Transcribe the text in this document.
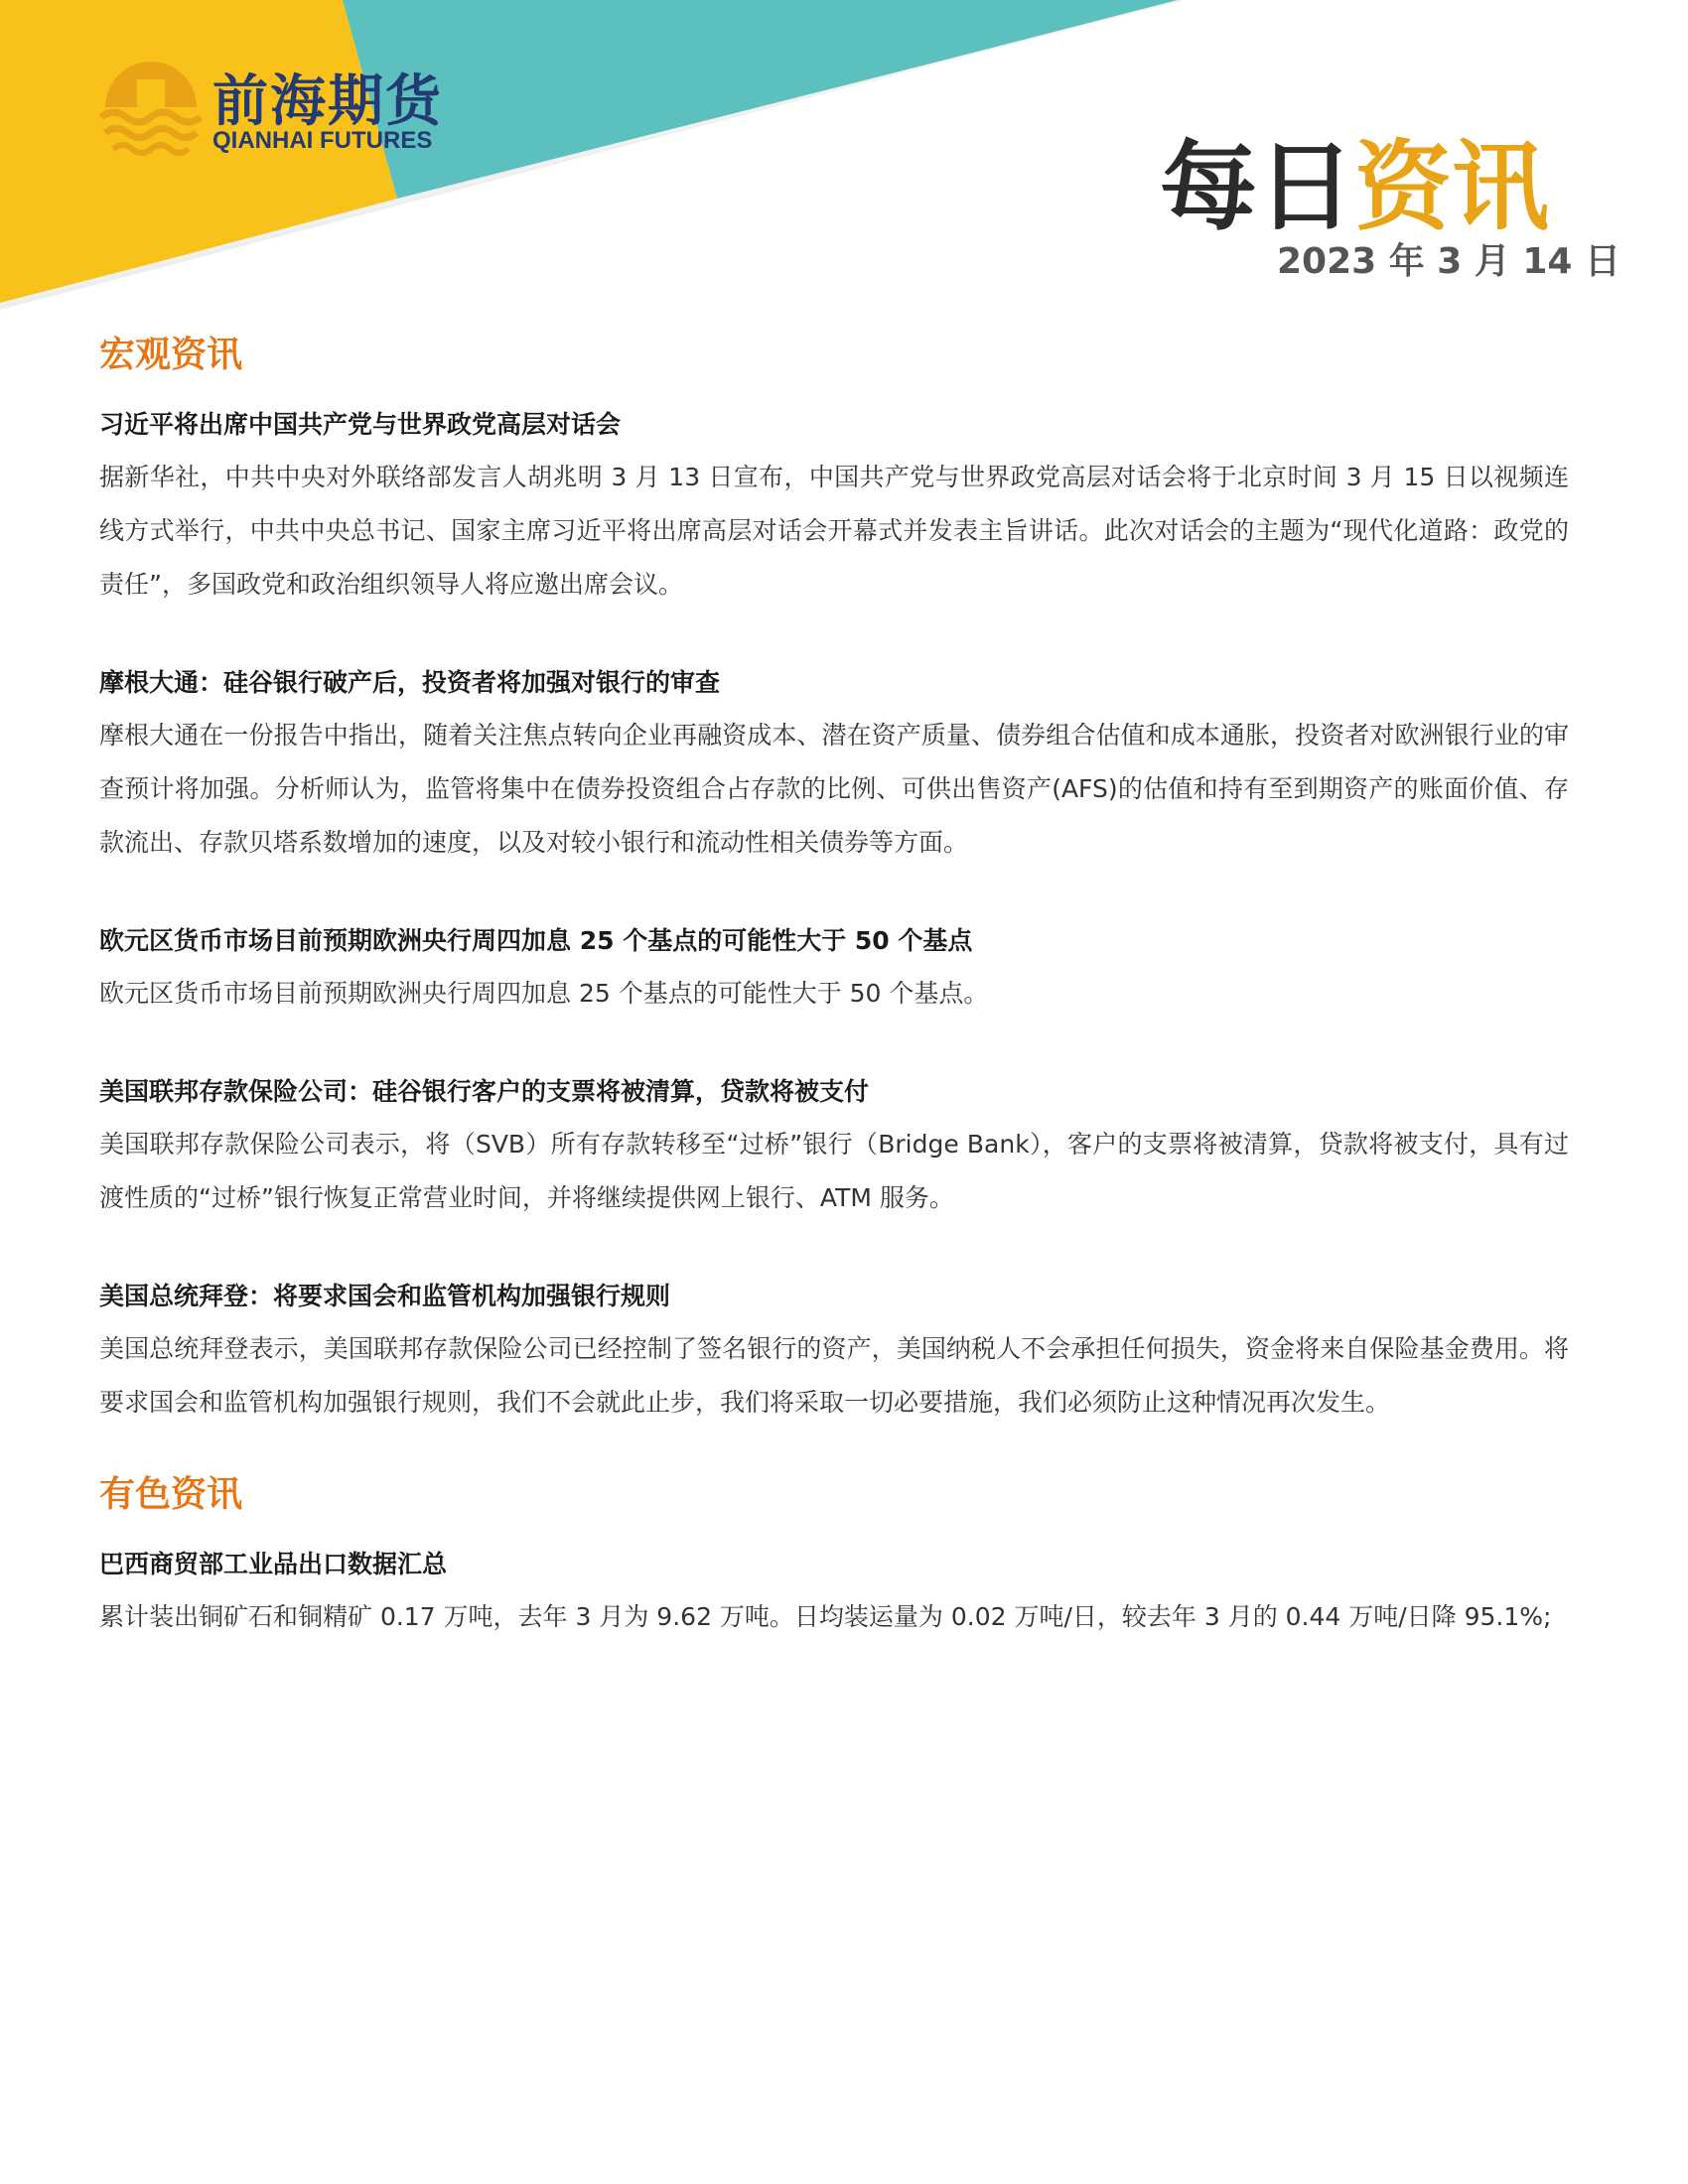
前海期货
QIANHAI FUTURES	每日资讯
2023 年 3 月 14 日
宏观资讯
习近平将出席中国共产党与世界政党高层对话会
据新华社，中共中央对外联络部发言人胡兆明 3 月 13 日宣布，中国共产党与世界政党高层对话会将于北京时间 3 月 15 日以视频连线方式举行，中共中央总书记、国家主席习近平将出席高层对话会开幕式并发表主旨讲话。此次对话会的主题为“现代化道路：政党的责任”，多国政党和政治组织领导人将应邀出席会议。
摩根大通：硅谷银行破产后，投资者将加强对银行的审查
摩根大通在一份报告中指出，随着关注焦点转向企业再融资成本、潜在资产质量、债券组合估值和成本通胀，投资者对欧洲银行业的审查预计将加强。分析师认为，监管将集中在债券投资组合占存款的比例、可供出售资产(AFS)的估值和持有至到期资产的账面价值、存款流出、存款贝塔系数增加的速度，以及对较小银行和流动性相关债券等方面。
欧元区货币市场目前预期欧洲央行周四加息 25 个基点的可能性大于 50 个基点
欧元区货币市场目前预期欧洲央行周四加息 25 个基点的可能性大于 50 个基点。
美国联邦存款保险公司：硅谷银行客户的支票将被清算，贷款将被支付
美国联邦存款保险公司表示，将（SVB）所有存款转移至“过桥”银行（Bridge Bank），客户的支票将被清算，贷款将被支付，具有过渡性质的“过桥”银行恢复正常营业时间，并将继续提供网上银行、ATM 服务。
美国总统拜登：将要求国会和监管机构加强银行规则
美国总统拜登表示，美国联邦存款保险公司已经控制了签名银行的资产，美国纳税人不会承担任何损失，资金将来自保险基金费用。将要求国会和监管机构加强银行规则，我们不会就此止步，我们将采取一切必要措施，我们必须防止这种情况再次发生。
有色资讯
巴西商贸部工业品出口数据汇总
累计装出铜矿石和铜精矿 0.17 万吨，去年 3 月为 9.62 万吨。日均装运量为 0.02 万吨/日，较去年 3 月的 0.44 万吨/日降 95.1%;
